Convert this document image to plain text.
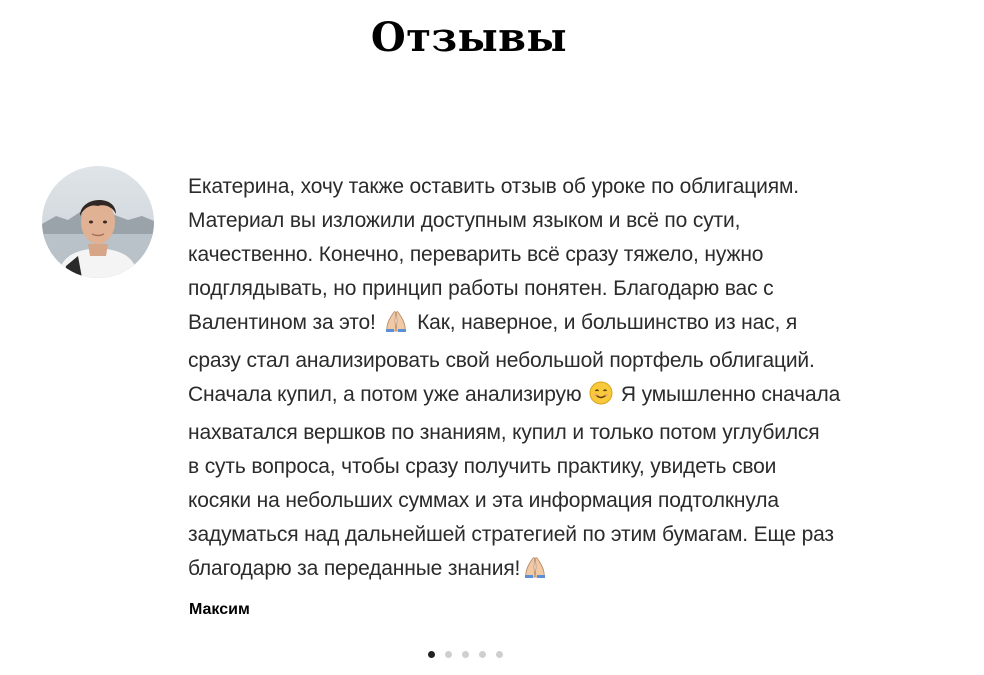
Отзывы
Екатерина, хочу также оставить отзыв об уроке по облигациям.
Материал вы изложили доступным языком и всё по сути,
качественно. Конечно, переварить всё сразу тяжело, нужно
подглядывать, но принцип работы понятен. Благодарю вас с
Валентином за это! Как, наверное, и большинство из нас, я
сразу стал анализировать свой небольшой портфель облигаций.
Сначала купил, а потом уже анализирую Я умышленно сначала
нахватался вершков по знаниям, купил и только потом углубился
в суть вопроса, чтобы сразу получить практику, увидеть свои
косяки на небольших суммах и эта информация подтолкнула
задуматься над дальнейшей стратегией по этим бумагам. Еще раз
благодарю за переданные знания!
Максим
